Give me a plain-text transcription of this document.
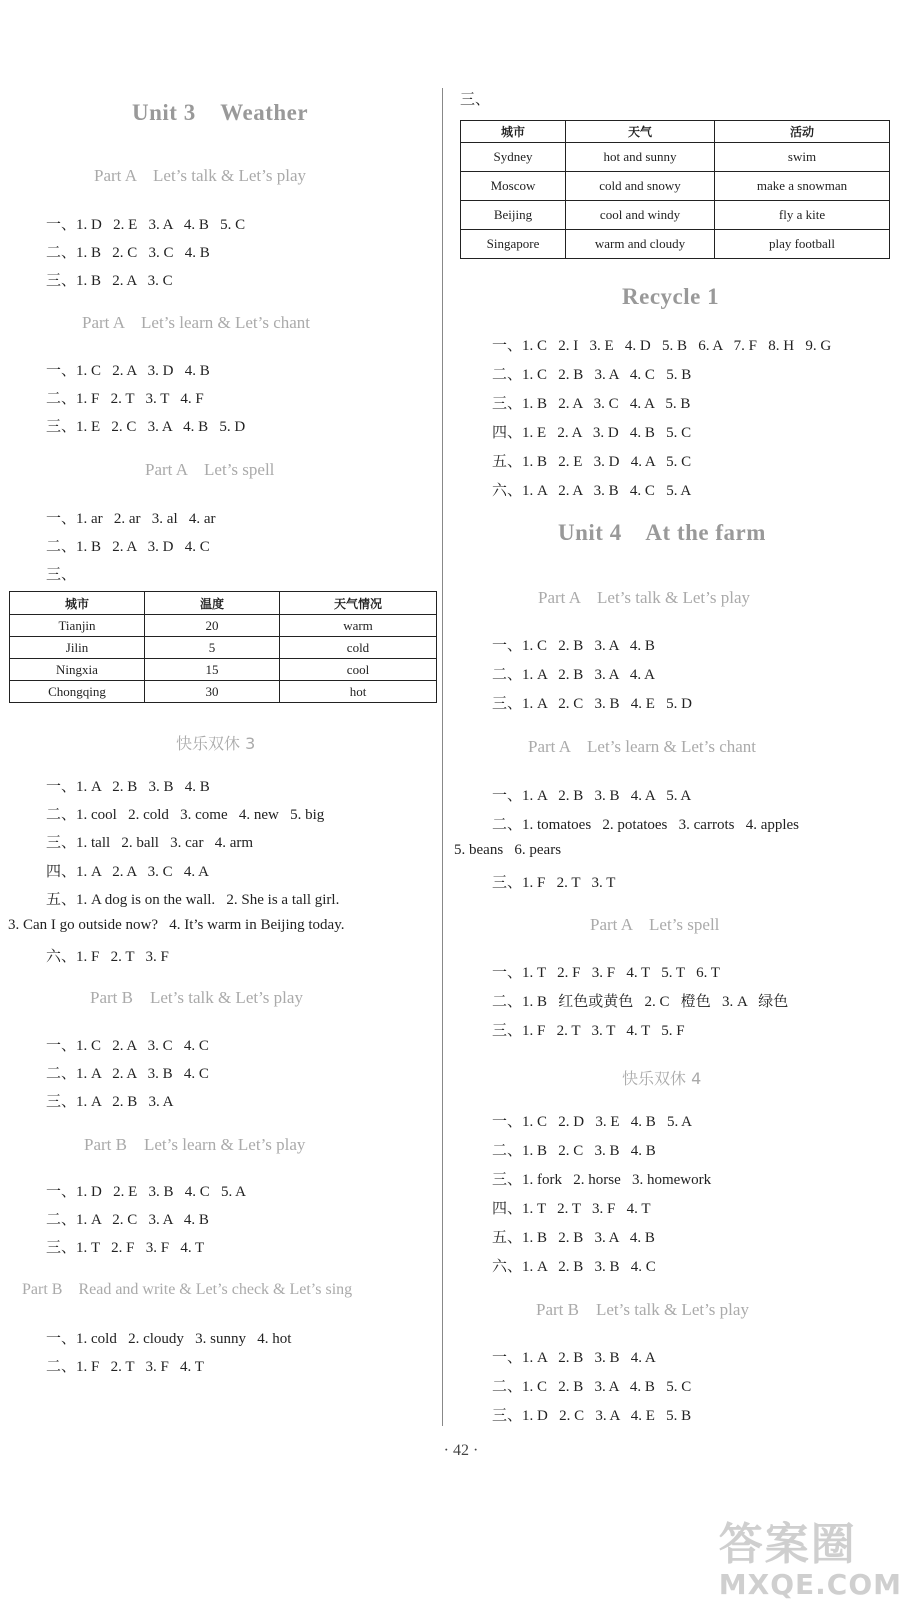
Unit 3    Weather
Part A    Let’s talk & Let’s play
一、1. D   2. E   3. A   4. B   5. C
二、1. B   2. C   3. C   4. B
三、1. B   2. A   3. C
Part A    Let’s learn & Let’s chant
一、1. C   2. A   3. D   4. B
二、1. F   2. T   3. T   4. F
三、1. E   2. C   3. A   4. B   5. D
Part A    Let’s spell
一、1. ar   2. ar   3. al   4. ar
二、1. B   2. A   3. D   4. C
三、
城市	温度	天气情况
Tianjin	20	warm
Jilin	5	cold
Ningxia	15	cool
Chongqing	30	hot
快乐双休 3
一、1. A   2. B   3. B   4. B
二、1. cool   2. cold   3. come   4. new   5. big
三、1. tall   2. ball   3. car   4. arm
四、1. A   2. A   3. C   4. A
五、1. A dog is on the wall.   2. She is a tall girl.
3. Can I go outside now?   4. It’s warm in Beijing today.
六、1. F   2. T   3. F
Part B    Let’s talk & Let’s play
一、1. C   2. A   3. C   4. C
二、1. A   2. A   3. B   4. C
三、1. A   2. B   3. A
Part B    Let’s learn & Let’s play
一、1. D   2. E   3. B   4. C   5. A
二、1. A   2. C   3. A   4. B
三、1. T   2. F   3. F   4. T
Part B    Read and write & Let’s check & Let’s sing
一、1. cold   2. cloudy   3. sunny   4. hot
二、1. F   2. T   3. F   4. T
三、
城市	天气	活动
Sydney	hot and sunny	swim
Moscow	cold and snowy	make a snowman
Beijing	cool and windy	fly a kite
Singapore	warm and cloudy	play football
Recycle 1
一、1. C   2. I   3. E   4. D   5. B   6. A   7. F   8. H   9. G
二、1. C   2. B   3. A   4. C   5. B
三、1. B   2. A   3. C   4. A   5. B
四、1. E   2. A   3. D   4. B   5. C
五、1. B   2. E   3. D   4. A   5. C
六、1. A   2. A   3. B   4. C   5. A
Unit 4    At the farm
Part A    Let’s talk & Let’s play
一、1. C   2. B   3. A   4. B
二、1. A   2. B   3. A   4. A
三、1. A   2. C   3. B   4. E   5. D
Part A    Let’s learn & Let’s chant
一、1. A   2. B   3. B   4. A   5. A
二、1. tomatoes   2. potatoes   3. carrots   4. apples
5. beans   6. pears
三、1. F   2. T   3. T
Part A    Let’s spell
一、1. T   2. F   3. F   4. T   5. T   6. T
二、1. B   红色或黄色   2. C   橙色   3. A   绿色
三、1. F   2. T   3. T   4. T   5. F
快乐双休 4
一、1. C   2. D   3. E   4. B   5. A
二、1. B   2. C   3. B   4. B
三、1. fork   2. horse   3. homework
四、1. T   2. T   3. F   4. T
五、1. B   2. B   3. A   4. B
六、1. A   2. B   3. B   4. C
Part B    Let’s talk & Let’s play
一、1. A   2. B   3. B   4. A
二、1. C   2. B   3. A   4. B   5. C
三、1. D   2. C   3. A   4. E   5. B
· 42 ·
答案圈
MXQE.COM
